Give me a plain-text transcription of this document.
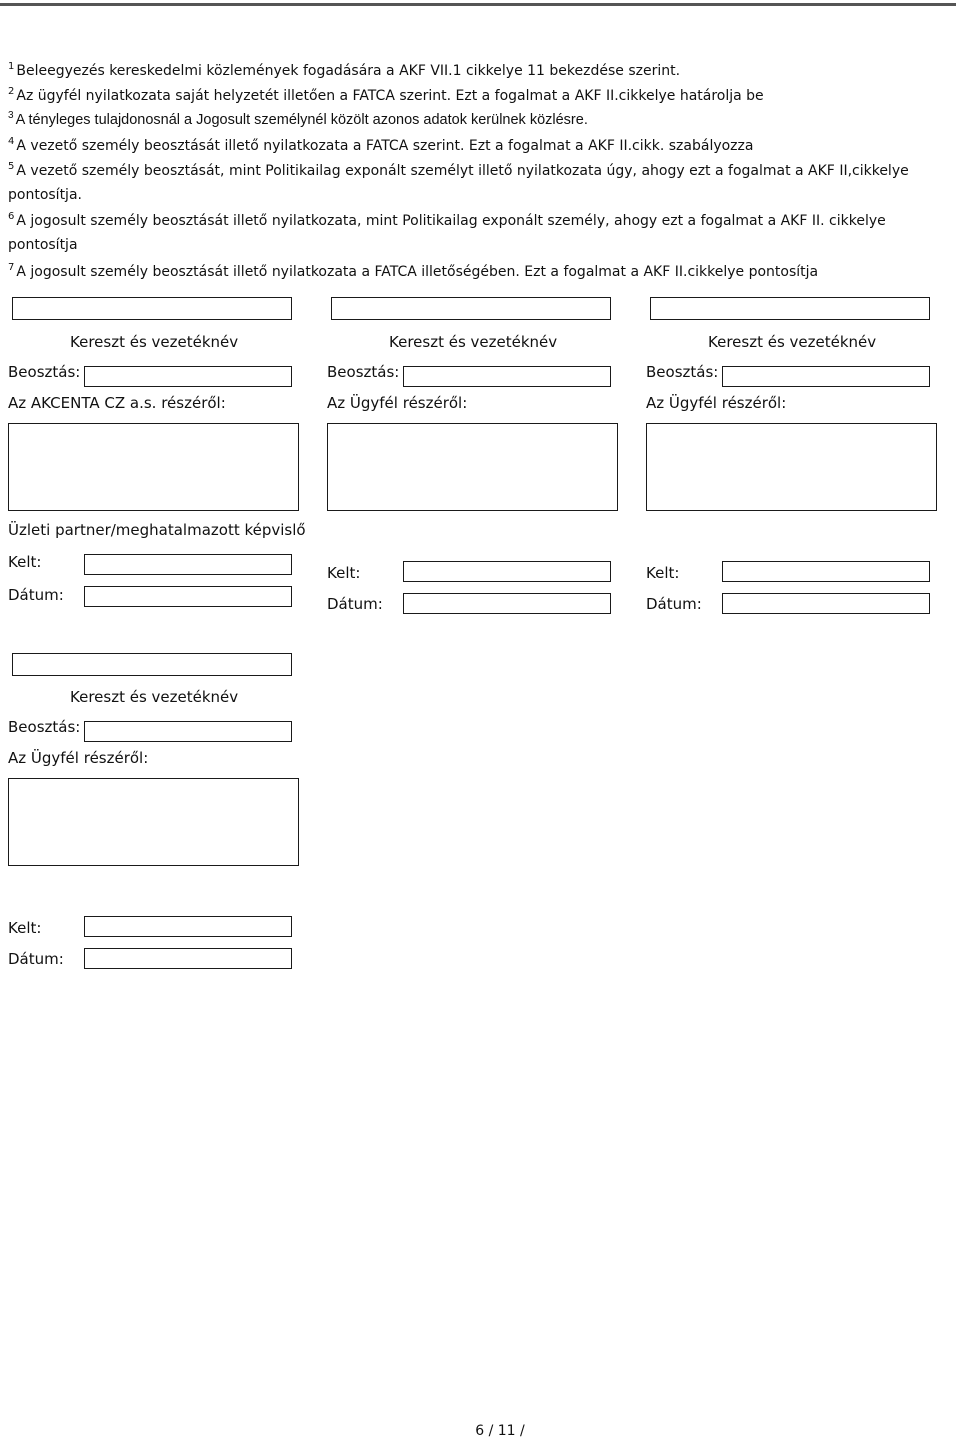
$^1$ Beleegyezés kereskedelmi közlemények fogadására a AKF VII.1 cikkelye 11 bekezdése szerint.
$^2$ Az ügyfél nyilatkozata saját helyzetét illetően a FATCA szerint. Ezt a fogalmat a AKF II.cikkelye határolja be
$^3$ A tényleges tulajdonosnál a Jogosult személynél közölt azonos adatok kerülnek közlésre.
$^4$ A vezető személy beosztását illető nyilatkozata a FATCA szerint. Ezt a fogalmat a AKF II.cikk. szabályozza
$^5$ A vezető személy beosztását, mint Politikailag exponált személyt illető nyilatkozata úgy, ahogy ezt a fogalmat a AKF II,cikkelye pontosítja.
$^6$ A jogosult személy beosztását illető nyilatkozata, mint Politikailag exponált személy, ahogy ezt a fogalmat a AKF II. cikkelye pontosítja
$^7$ A jogosult személy beosztását illető nyilatkozata a FATCA illetőségében. Ezt a fogalmat a AKF II.cikkelye pontosítja
Kereszt és vezetéknév
Beosztás:
Az AKCENTA CZ a.s. részéről:
Üzleti partner/meghatalmazott képvislő
Kelt:
Dátum:
Kereszt és vezetéknév
Beosztás:
Az Ügyfél részéről:
Kelt:
Dátum:
Kereszt és vezetéknév
Beosztás:
Az Ügyfél részéről:
Kelt:
Dátum:
Kereszt és vezetéknév
Beosztás:
Az Ügyfél részéről:
Kelt:
Dátum:
6 / 11 /
